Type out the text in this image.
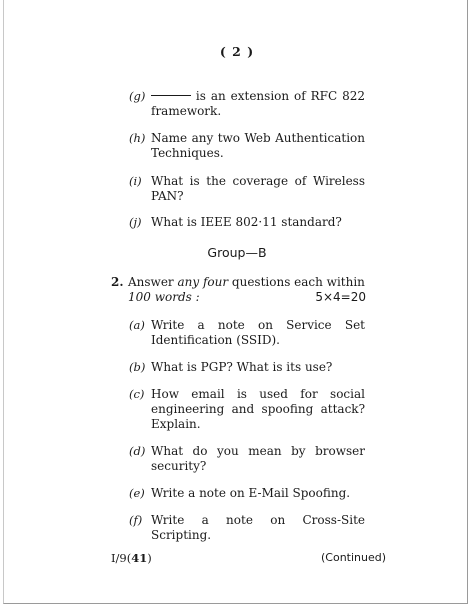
( 2 )
(g)	is an extension of RFC 822 framework.
(h) Name any two Web Authentication Techniques.
(i) What is the coverage of Wireless PAN?
(j) What is IEEE 802·11 standard?
Group—B
2. Answer any four questions each within
100 words :	5×4=20
(a) Write a note on Service Set Identification (SSID).
(b) What is PGP? What is its use?
(c) How email is used for social engineering and spoofing attack? Explain.
(d) What do you mean by browser security?
(e) Write a note on E-Mail Spoofing.
(f) Write a note on Cross-Site Scripting.
I/9(41)	(Continued)
